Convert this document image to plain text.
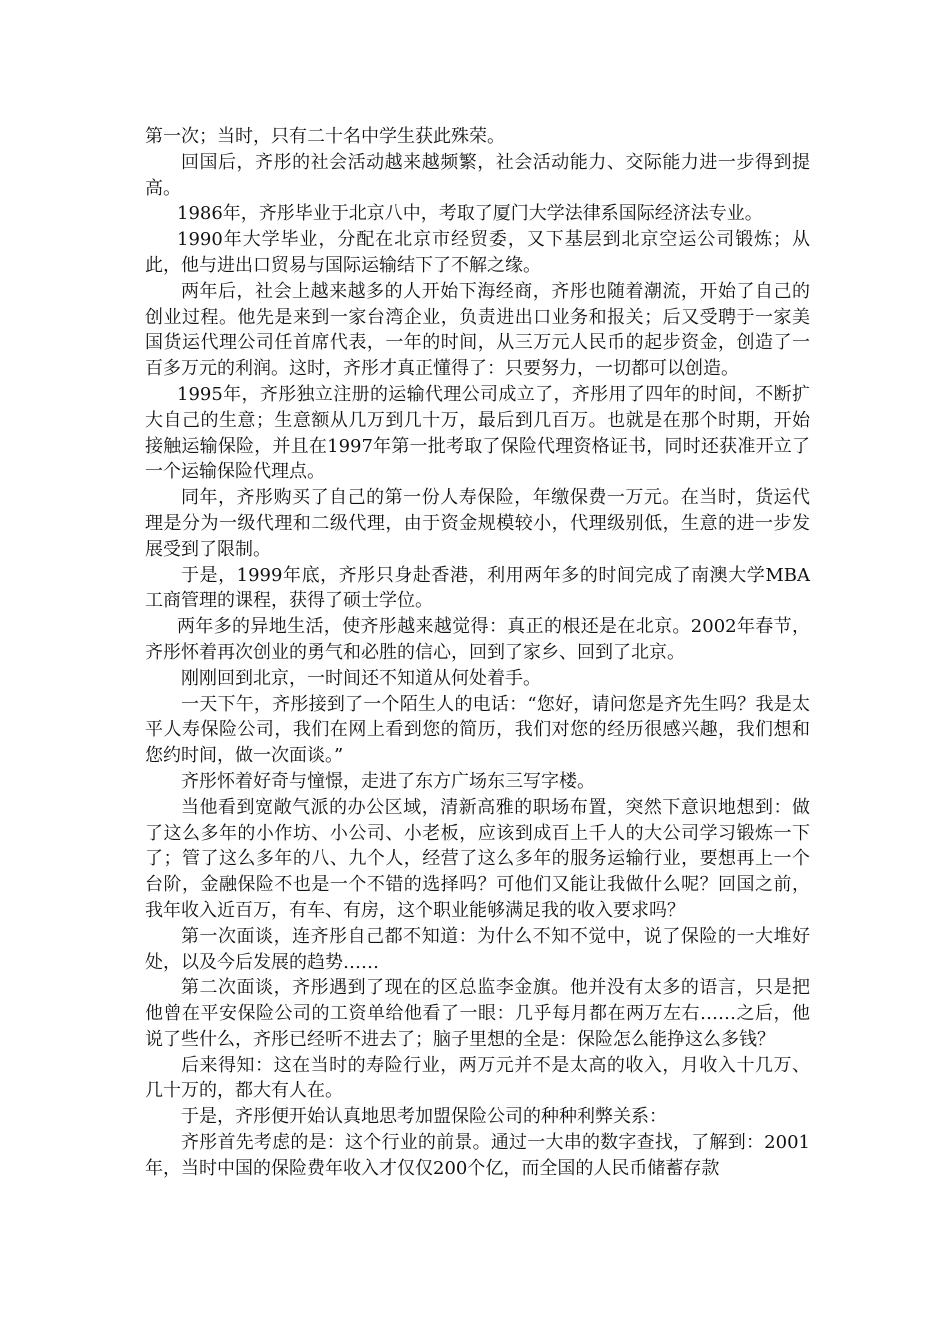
第一次；当时，只有二十名中学生获此殊荣。

回国后，齐彤的社会活动越来越频繁，社会活动能力、交际能力进一步得到提高。

1986年，齐彤毕业于北京八中，考取了厦门大学法律系国际经济法专业。

1990年大学毕业，分配在北京市经贸委，又下基层到北京空运公司锻炼；从此，他与进出口贸易与国际运输结下了不解之缘。

两年后，社会上越来越多的人开始下海经商，齐彤也随着潮流，开始了自己的创业过程。他先是来到一家台湾企业，负责进出口业务和报关；后又受聘于一家美国货运代理公司任首席代表，一年的时间，从三万元人民币的起步资金，创造了一百多万元的利润。这时，齐彤才真正懂得了：只要努力，一切都可以创造。

1995年，齐彤独立注册的运输代理公司成立了，齐彤用了四年的时间，不断扩大自己的生意；生意额从几万到几十万，最后到几百万。也就是在那个时期，开始接触运输保险，并且在1997年第一批考取了保险代理资格证书，同时还获准开立了一个运输保险代理点。

同年，齐彤购买了自己的第一份人寿保险，年缴保费一万元。在当时，货运代理是分为一级代理和二级代理，由于资金规模较小，代理级别低，生意的进一步发展受到了限制。

于是，1999年底，齐彤只身赴香港，利用两年多的时间完成了南澳大学MBA工商管理的课程，获得了硕士学位。

两年多的异地生活，使齐彤越来越觉得：真正的根还是在北京。2002年春节，齐彤怀着再次创业的勇气和必胜的信心，回到了家乡、回到了北京。

刚刚回到北京，一时间还不知道从何处着手。

一天下午，齐彤接到了一个陌生人的电话：“您好，请问您是齐先生吗？我是太平人寿保险公司，我们在网上看到您的简历，我们对您的经历很感兴趣，我们想和您约时间，做一次面谈。”

齐彤怀着好奇与憧憬，走进了东方广场东三写字楼。

当他看到宽敞气派的办公区域，清新高雅的职场布置，突然下意识地想到：做了这么多年的小作坊、小公司、小老板，应该到成百上千人的大公司学习锻炼一下了；管了这么多年的八、九个人，经营了这么多年的服务运输行业，要想再上一个台阶，金融保险不也是一个不错的选择吗？可他们又能让我做什么呢？回国之前，我年收入近百万，有车、有房，这个职业能够满足我的收入要求吗？

第一次面谈，连齐彤自己都不知道：为什么不知不觉中，说了保险的一大堆好处，以及今后发展的趋势……

第二次面谈，齐彤遇到了现在的区总监李金旗。他并没有太多的语言，只是把他曾在平安保险公司的工资单给他看了一眼：几乎每月都在两万左右……之后，他说了些什么，齐彤已经听不进去了；脑子里想的全是：保险怎么能挣这么多钱？

后来得知：这在当时的寿险行业，两万元并不是太高的收入，月收入十几万、几十万的，都大有人在。

于是，齐彤便开始认真地思考加盟保险公司的种种利弊关系：

齐彤首先考虑的是：这个行业的前景。通过一大串的数字查找，了解到：2001年，当时中国的保险费年收入才仅仅200个亿，而全国的人民币储蓄存款
